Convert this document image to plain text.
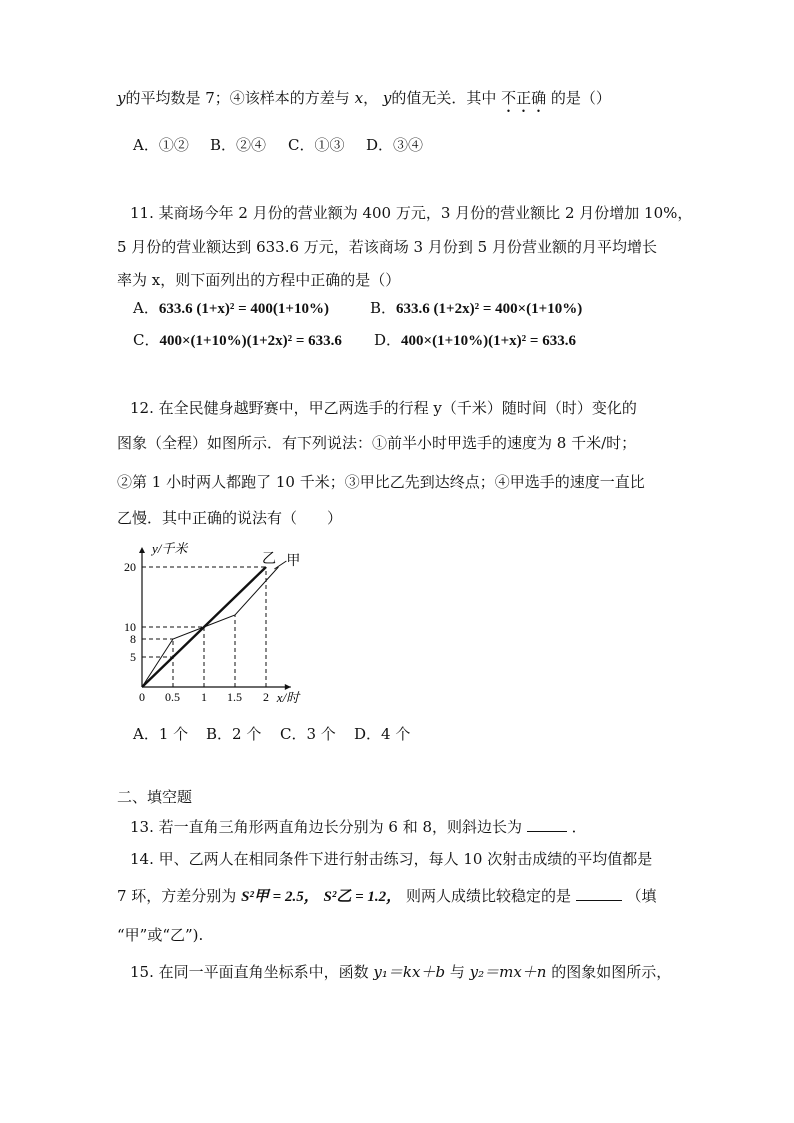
y的平均数是 7；④该样本的方差与 x， y的值无关．其中 不正确 的是（）
A．①② B．②④ C．①③ D．③④
11. 某商场今年 2 月份的营业额为 400 万元，3 月份的营业额比 2 月份增加 10%，
5 月份的营业额达到 633.6 万元，若该商场 3 月份到 5 月份营业额的月平均增长
率为 x，则下面列出的方程中正确的是（）
A．633.6 (1+x)² = 400(1+10%)	B．633.6 (1+2x)² = 400×(1+10%)
C．400×(1+10%)(1+2x)² = 633.6 D．400×(1+10%)(1+x)² = 633.6
12. 在全民健身越野赛中，甲乙两选手的行程 y（千米）随时间（时）变化的
图象（全程）如图所示．有下列说法：①前半小时甲选手的速度为 8 千米/时；
②第 1 小时两人都跑了 10 千米；③甲比乙先到达终点；④甲选手的速度一直比
乙慢．其中正确的说法有（　　）
y/千米
x/时
0 0.5 1 1.5 2
5
8
10
20	乙 甲
A．1 个 B．2 个 C．3 个 D．4 个
二、填空题
13. 若一直角三角形两直角边长分别为 6 和 8，则斜边长为	．
14. 甲、乙两人在相同条件下进行射击练习，每人 10 次射击成绩的平均值都是
7 环，方差分别为 S²甲 = 2.5， S²乙 = 1.2， 则两人成绩比较稳定的是	（填
“甲”或“乙”).
15. 在同一平面直角坐标系中，函数 y₁＝kx＋b 与 y₂＝mx＋n 的图象如图所示，
